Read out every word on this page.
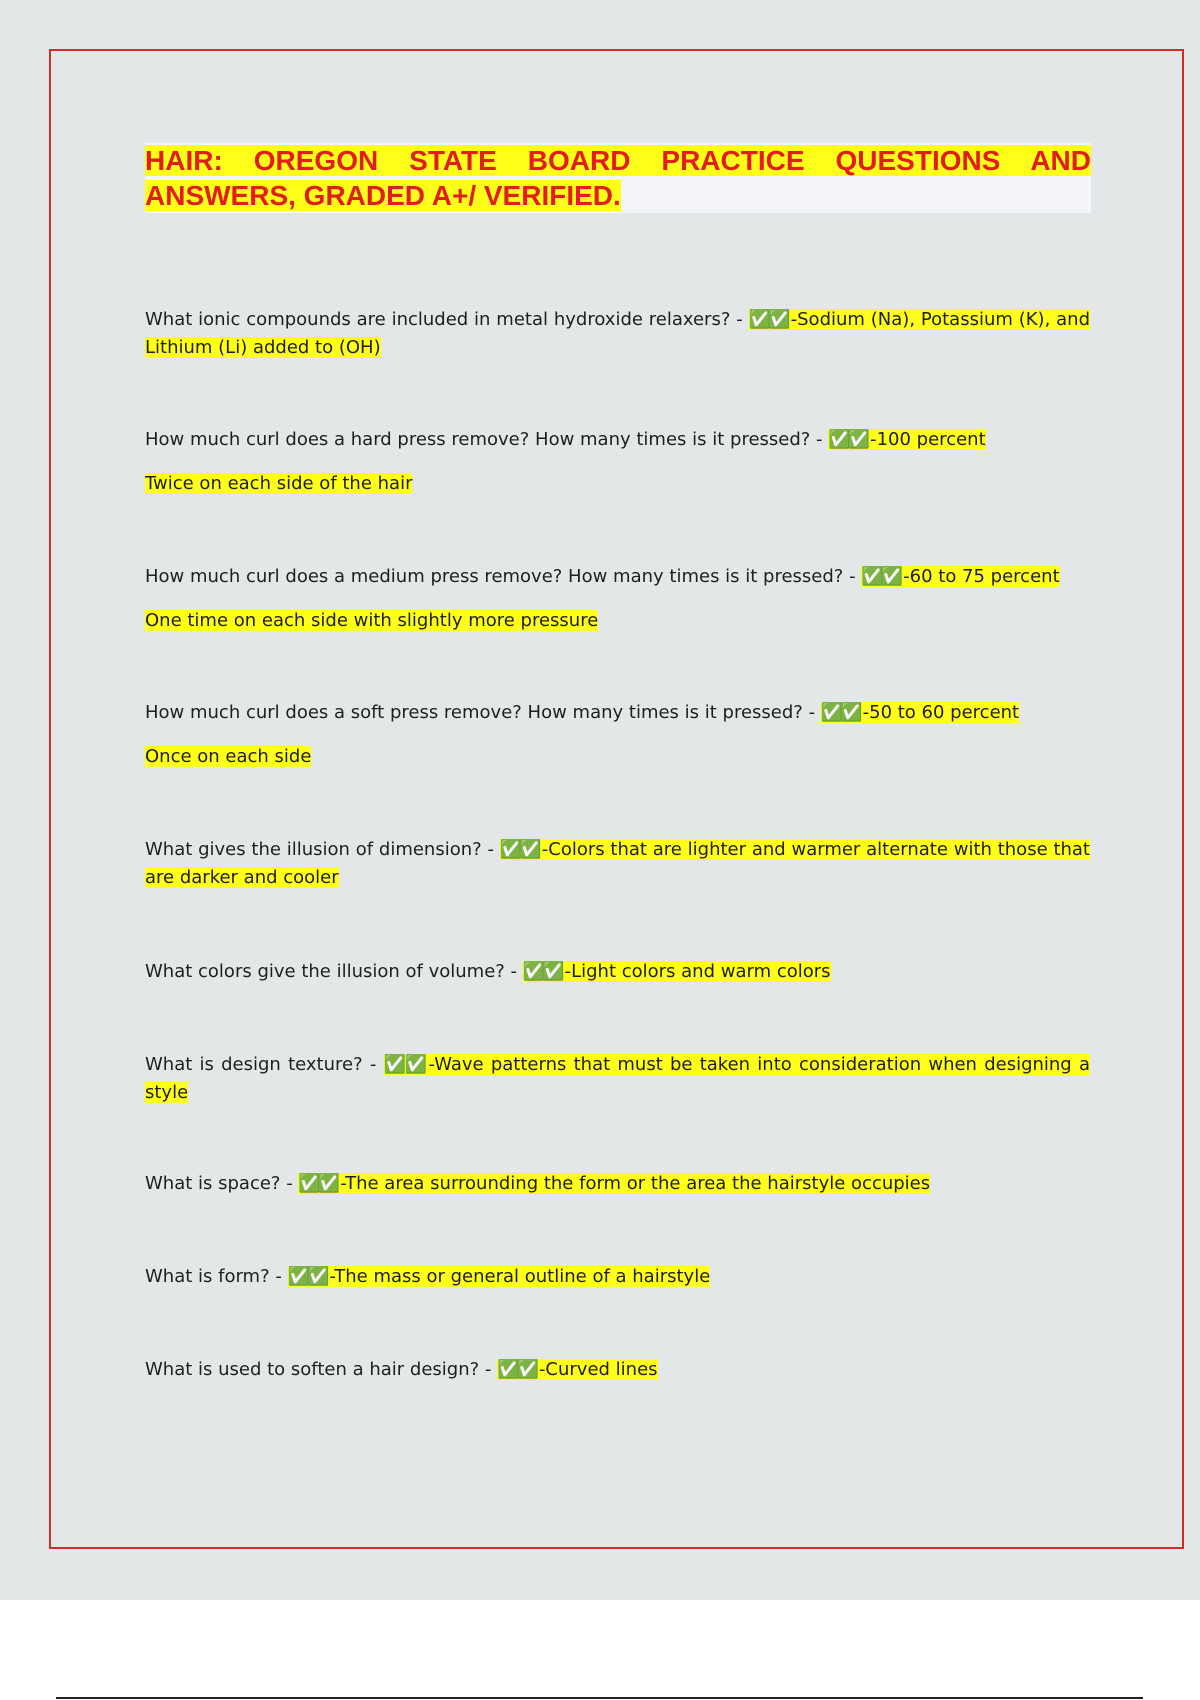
HAIR: OREGON STATE BOARD PRACTICE QUESTIONS AND ANSWERS, GRADED A+/ VERIFIED.

What ionic compounds are included in metal hydroxide relaxers? - ✅✅ -Sodium (Na), Potassium (K), and Lithium (Li) added to (OH)

How much curl does a hard press remove? How many times is it pressed? - ✅✅ -100 percent
Twice on each side of the hair

How much curl does a medium press remove? How many times is it pressed? - ✅✅ -60 to 75 percent
One time on each side with slightly more pressure

How much curl does a soft press remove? How many times is it pressed? - ✅✅ -50 to 60 percent
Once on each side

What gives the illusion of dimension? - ✅✅ -Colors that are lighter and warmer alternate with those that are darker and cooler

What colors give the illusion of volume? - ✅✅ -Light colors and warm colors

What is design texture? - ✅✅ -Wave patterns that must be taken into consideration when designing a style

What is space? - ✅✅ -The area surrounding the form or the area the hairstyle occupies

What is form? - ✅✅ -The mass or general outline of a hairstyle

What is used to soften a hair design? - ✅✅ -Curved lines
